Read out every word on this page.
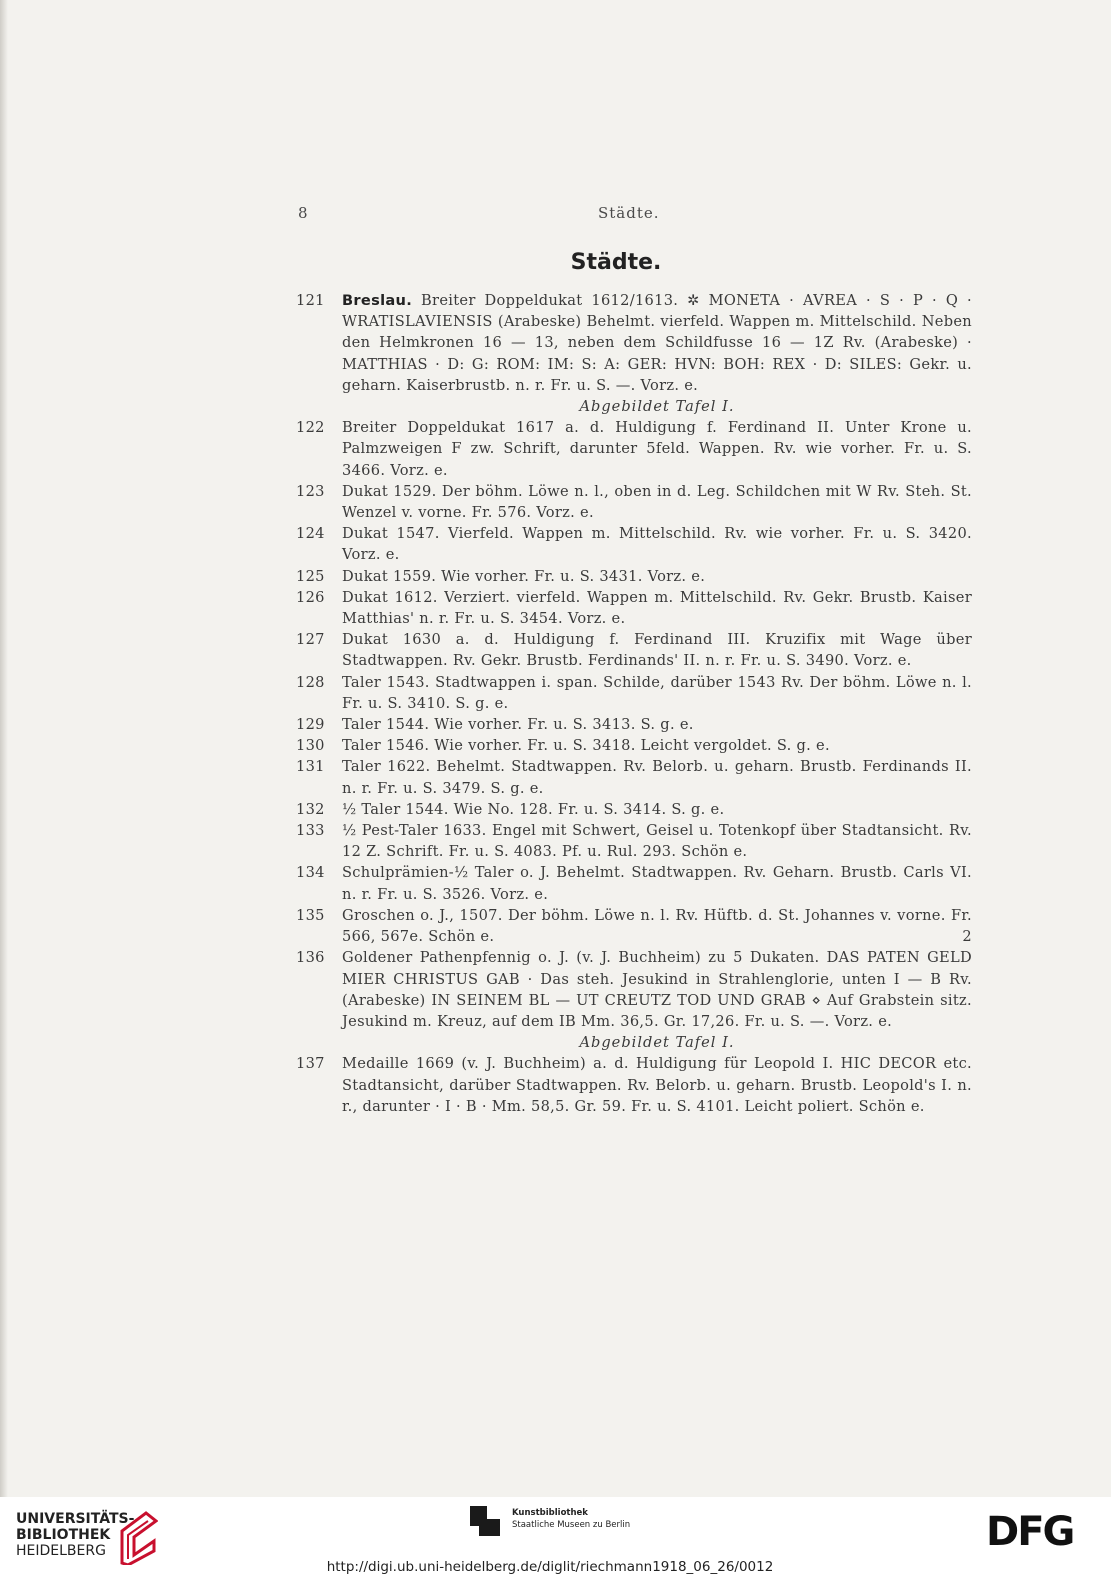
8	Städte.
Städte.
121 Breslau. Breiter Doppeldukat 1612/1613. ✲ MONETA · AVREA · S · P · Q · WRATISLAVIENSIS (Arabeske) Behelmt. vierfeld. Wappen m. Mittelschild. Neben den Helmkronen 16 — 13, neben dem Schildfusse 16 — 1Z Rv. (Arabeske) · MATTHIAS · D: G: ROM: IM: S: A: GER: HVN: BOH: REX · D: SILES: Gekr. u. geharn. Kaiserbrustb. n. r. Fr. u. S. —. Vorz. e.
Abgebildet Tafel I.
122 Breiter Doppeldukat 1617 a. d. Huldigung f. Ferdinand II. Unter Krone u. Palmzweigen F zw. Schrift, darunter 5feld. Wappen. Rv. wie vorher. Fr. u. S. 3466. Vorz. e.
123 Dukat 1529. Der böhm. Löwe n. l., oben in d. Leg. Schildchen mit W Rv. Steh. St. Wenzel v. vorne. Fr. 576. Vorz. e.
124 Dukat 1547. Vierfeld. Wappen m. Mittelschild. Rv. wie vorher. Fr. u. S. 3420. Vorz. e.
125 Dukat 1559. Wie vorher. Fr. u. S. 3431. Vorz. e.
126 Dukat 1612. Verziert. vierfeld. Wappen m. Mittelschild. Rv. Gekr. Brustb. Kaiser Matthias' n. r. Fr. u. S. 3454. Vorz. e.
127 Dukat 1630 a. d. Huldigung f. Ferdinand III. Kruzifix mit Wage über Stadtwappen. Rv. Gekr. Brustb. Ferdinands' II. n. r. Fr. u. S. 3490. Vorz. e.
128 Taler 1543. Stadtwappen i. span. Schilde, darüber 1543 Rv. Der böhm. Löwe n. l. Fr. u. S. 3410. S. g. e.
129 Taler 1544. Wie vorher. Fr. u. S. 3413. S. g. e.
130 Taler 1546. Wie vorher. Fr. u. S. 3418. Leicht vergoldet. S. g. e.
131 Taler 1622. Behelmt. Stadtwappen. Rv. Belorb. u. geharn. Brustb. Ferdinands II. n. r. Fr. u. S. 3479. S. g. e.
132 ½ Taler 1544. Wie No. 128. Fr. u. S. 3414. S. g. e.
133 ½ Pest-Taler 1633. Engel mit Schwert, Geisel u. Totenkopf über Stadtansicht. Rv. 12 Z. Schrift. Fr. u. S. 4083. Pf. u. Rul. 293. Schön e.
134 Schulprämien-½ Taler o. J. Behelmt. Stadtwappen. Rv. Geharn. Brustb. Carls VI. n. r. Fr. u. S. 3526. Vorz. e.
135 Groschen o. J., 1507. Der böhm. Löwe n. l. Rv. Hüftb. d. St. Johannes v. vorne. Fr. 566, 567e. Schön e.	2
136 Goldener Pathenpfennig o. J. (v. J. Buchheim) zu 5 Dukaten. DAS PATEN GELD MIER CHRISTUS GAB · Das steh. Jesukind in Strahlenglorie, unten I — B Rv. (Arabeske) IN SEINEM BL — UT CREUTZ TOD UND GRAB ⋄ Auf Grabstein sitz. Jesukind m. Kreuz, auf dem IB Mm. 36,5. Gr. 17,26. Fr. u. S. —. Vorz. e.
Abgebildet Tafel I.
137 Medaille 1669 (v. J. Buchheim) a. d. Huldigung für Leopold I. HIC DECOR etc. Stadtansicht, darüber Stadtwappen. Rv. Belorb. u. geharn. Brustb. Leopold's I. n. r., darunter · I · B · Mm. 58,5. Gr. 59. Fr. u. S. 4101. Leicht poliert. Schön e.
UNIVERSITÄTS-
BIBLIOTHEK
HEIDELBERG
Kunstbibliothek
Staatliche Museen zu Berlin	DFG
http://digi.ub.uni-heidelberg.de/diglit/riechmann1918_06_26/0012
